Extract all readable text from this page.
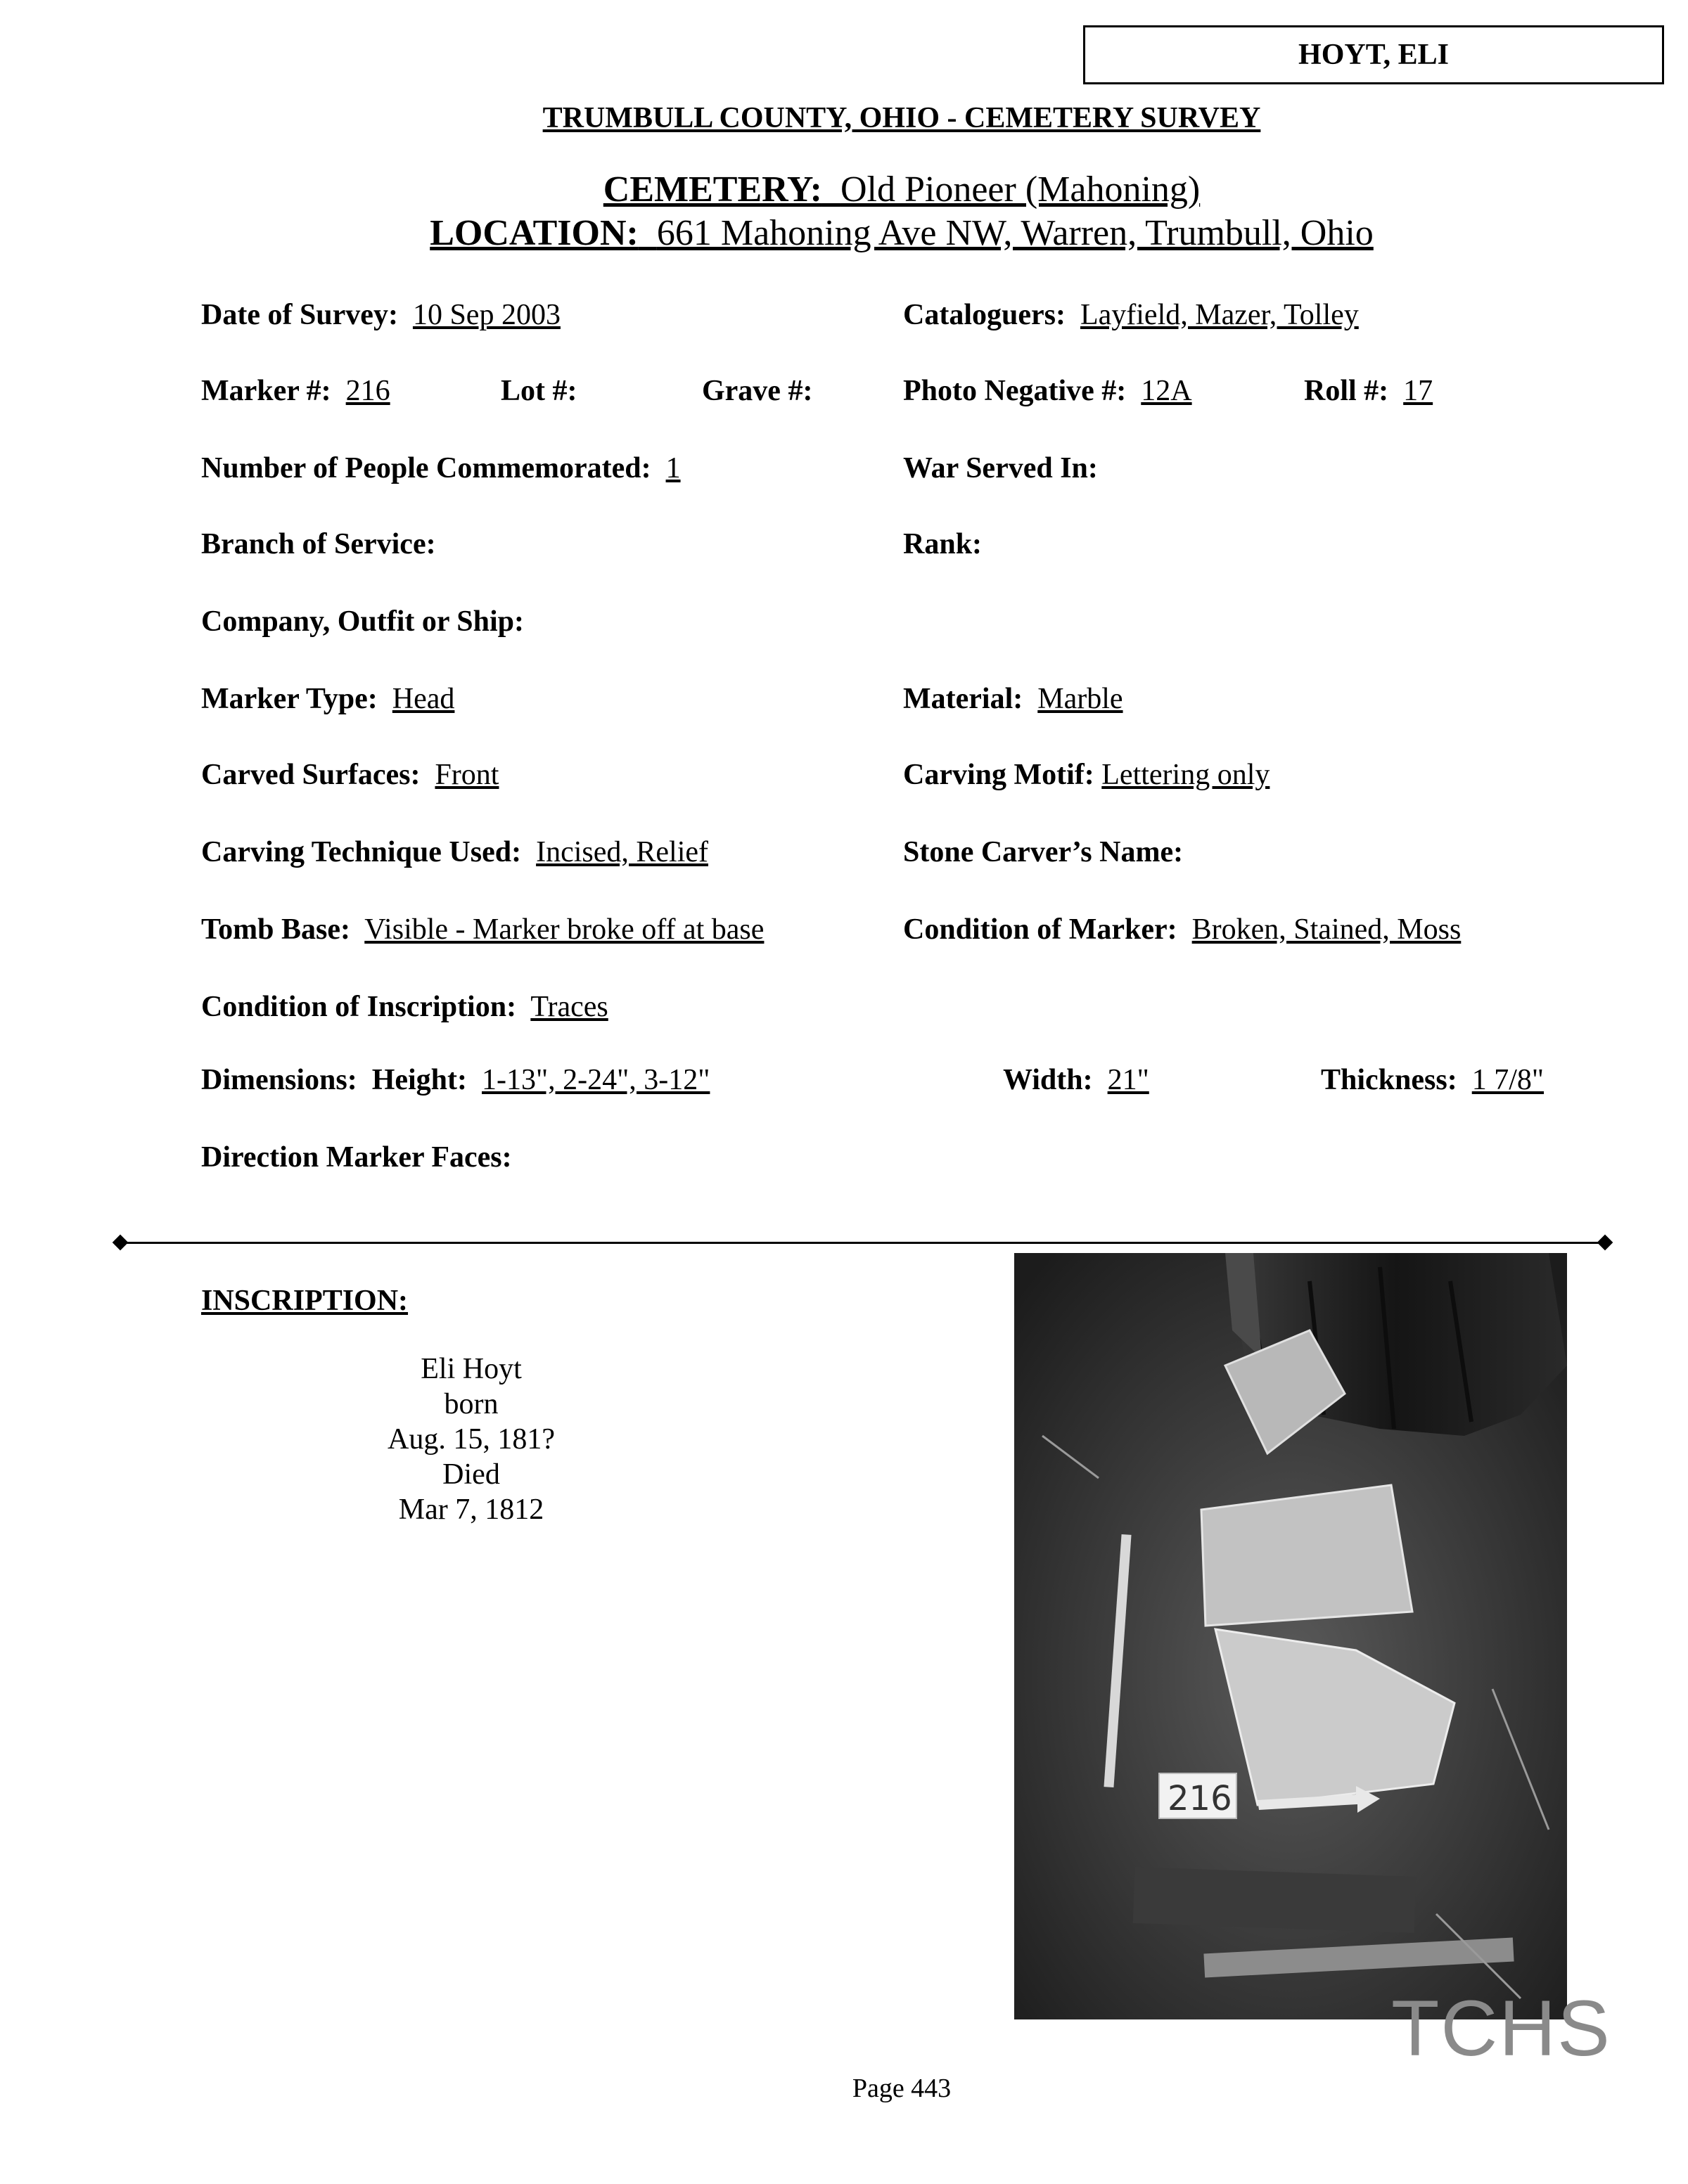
HOYT, ELI
TRUMBULL COUNTY, OHIO - CEMETERY SURVEY
CEMETERY: Old Pioneer (Mahoning)
LOCATION: 661 Mahoning Ave NW, Warren, Trumbull, Ohio
Date of Survey: 10 Sep 2003	Cataloguers: Layfield, Mazer, Tolley
Marker #: 216	Lot #:	Grave #:	Photo Negative #: 12A	Roll #: 17
Number of People Commemorated: 1	War Served In:
Branch of Service:	Rank:
Company, Outfit or Ship:
Marker Type: Head	Material: Marble
Carved Surfaces: Front	Carving Motif: Lettering only
Carving Technique Used: Incised, Relief	Stone Carver’s Name:
Tomb Base: Visible - Marker broke off at base	Condition of Marker: Broken, Stained, Moss
Condition of Inscription: Traces
Dimensions: Height: 1-13", 2-24", 3-12"	Width: 21"	Thickness: 1 7/8"
Direction Marker Faces:
INSCRIPTION:
Eli Hoyt
born
Aug. 15, 181?
Died
Mar 7, 1812
216
TCHS
Page 443
